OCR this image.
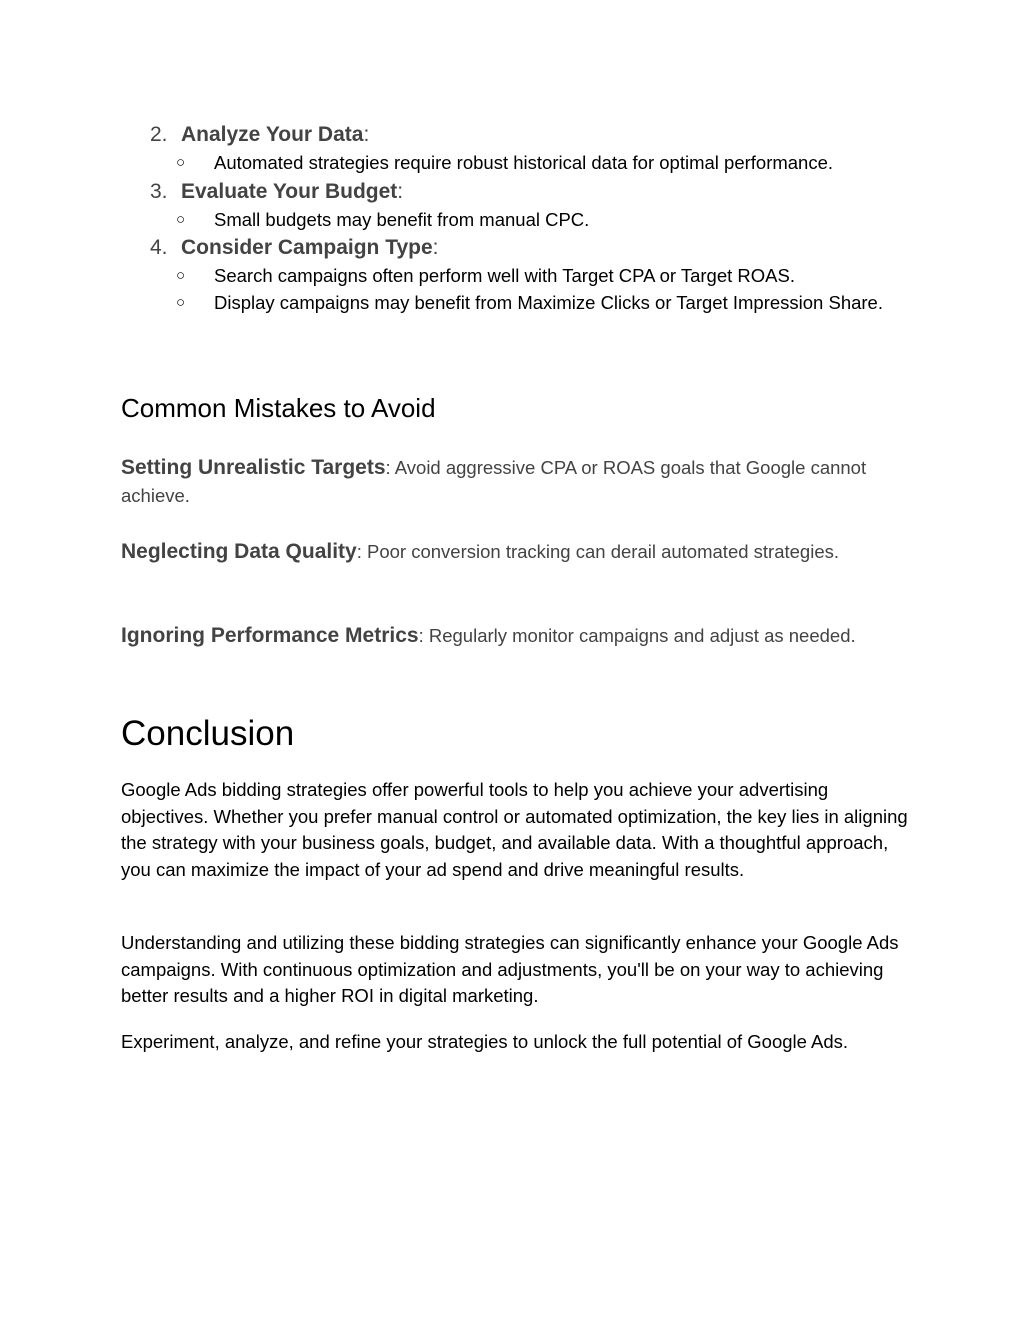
2. Analyze Your Data :
○	Automated strategies require robust historical data for optimal performance.
3. Evaluate Your Budget :
○	Small budgets may benefit from manual CPC.
4. Consider Campaign Type :
○	Search campaigns often perform well with Target CPA or Target ROAS.
○	Display campaigns may benefit from Maximize Clicks or Target Impression Share.
Common Mistakes to Avoid

Setting Unrealistic Targets: Avoid aggressive CPA or ROAS goals that Google cannot achieve.

Neglecting Data Quality: Poor conversion tracking can derail automated strategies.

Ignoring Performance Metrics: Regularly monitor campaigns and adjust as needed.

Conclusion

Google Ads bidding strategies offer powerful tools to help you achieve your advertising objectives. Whether you prefer manual control or automated optimization, the key lies in aligning the strategy with your business goals, budget, and available data. With a thoughtful approach, you can maximize the impact of your ad spend and drive meaningful results.

Understanding and utilizing these bidding strategies can significantly enhance your Google Ads campaigns. With continuous optimization and adjustments, you'll be on your way to achieving better results and a higher ROI in digital marketing.

Experiment, analyze, and refine your strategies to unlock the full potential of Google Ads.
